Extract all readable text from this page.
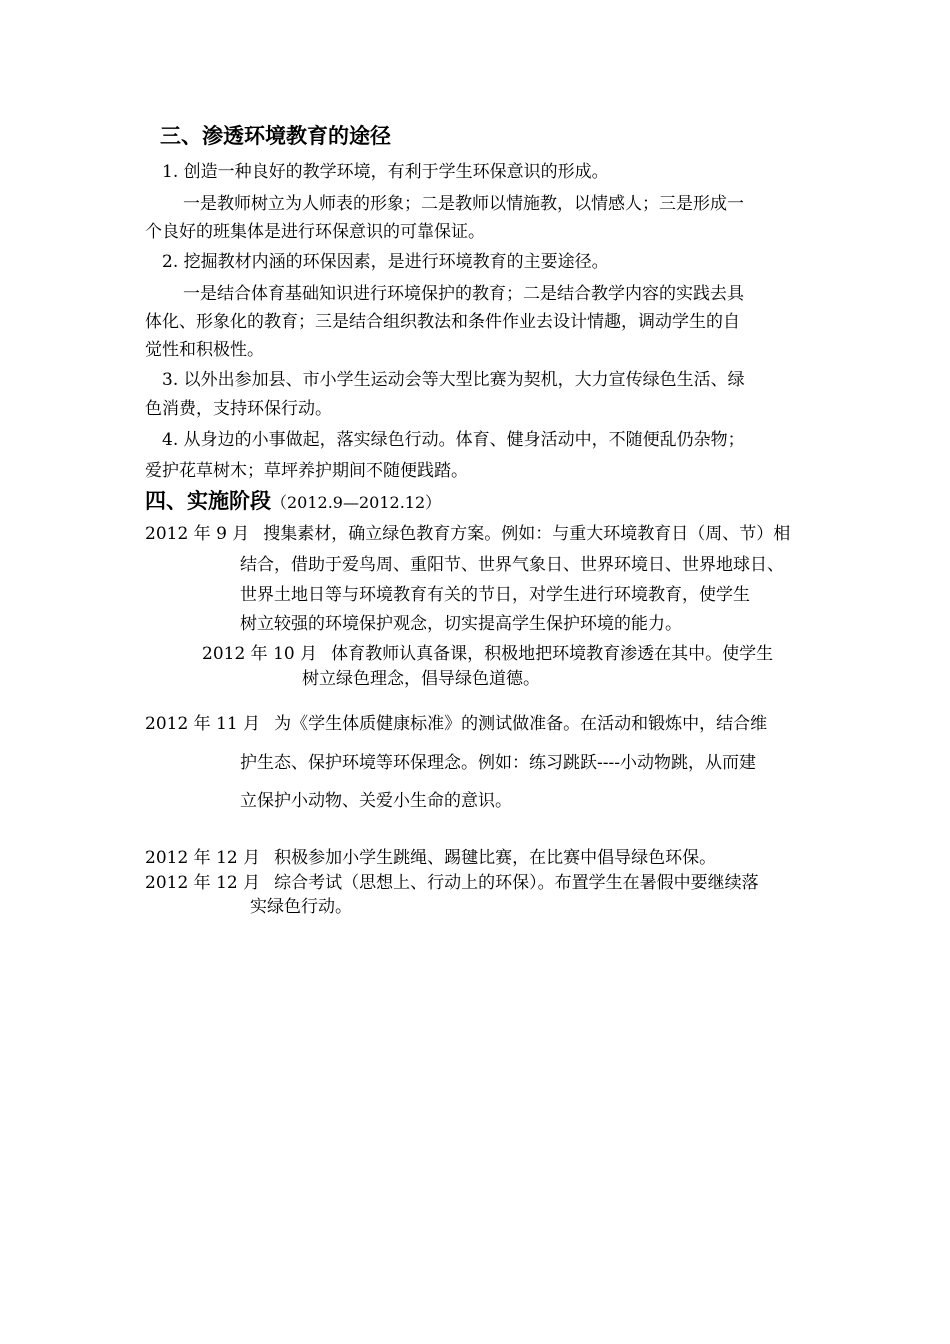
三、渗透环境教育的途径
1. 创造一种良好的教学环境，有利于学生环保意识的形成。
一是教师树立为人师表的形象；二是教师以情施教，以情感人；三是形成一
个良好的班集体是进行环保意识的可靠保证。
2. 挖掘教材内涵的环保因素，是进行环境教育的主要途径。
一是结合体育基础知识进行环境保护的教育；二是结合教学内容的实践去具
体化、形象化的教育；三是结合组织教法和条件作业去设计情趣，调动学生的自
觉性和积极性。
3. 以外出参加县、市小学生运动会等大型比赛为契机，大力宣传绿色生活、绿
色消费，支持环保行动。
4. 从身边的小事做起，落实绿色行动。体育、健身活动中，不随便乱仍杂物；
爱护花草树木；草坪养护期间不随便践踏。
四、实施阶段（2012.9—2012.12）
2012 年 9 月 搜集素材，确立绿色教育方案。例如：与重大环境教育日（周、节）相
结合，借助于爱鸟周、重阳节、世界气象日、世界环境日、世界地球日、
世界土地日等与环境教育有关的节日，对学生进行环境教育，使学生
树立较强的环境保护观念，切实提高学生保护环境的能力。
2012 年 10 月 体育教师认真备课，积极地把环境教育渗透在其中。使学生
树立绿色理念，倡导绿色道德。
2012 年 11 月 为《学生体质健康标准》的测试做准备。在活动和锻炼中，结合维
护生态、保护环境等环保理念。例如：练习跳跃----小动物跳，从而建
立保护小动物、关爱小生命的意识。
2012 年 12 月 积极参加小学生跳绳、踢毽比赛，在比赛中倡导绿色环保。
2012 年 12 月 综合考试（思想上、行动上的环保）。布置学生在暑假中要继续落
实绿色行动。
